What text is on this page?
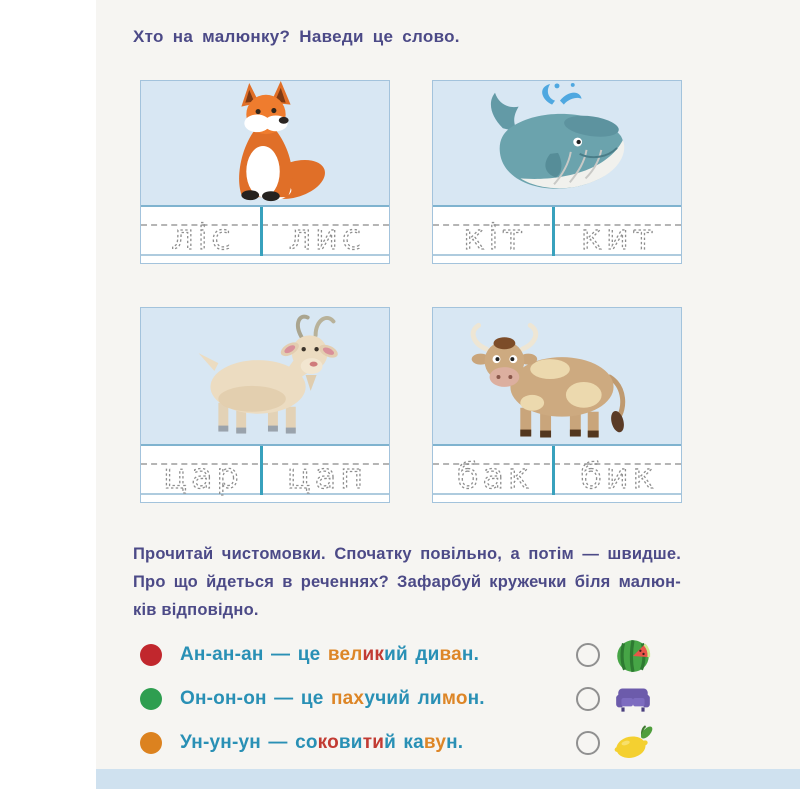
Хто на малюнку? Наведи це слово.
ліс лис	кіт кит
цар цап	бак бик
Прочитай чистомовки. Спочатку повільно, а потім — швидше.
Про що йдеться в реченнях? Зафарбуй кружечки біля малюн-
ків відповідно.
Ан-ан-ан — це великий диван.
Он-он-он — це пахучий лимон.
Ун-ун-ун — соковитий кавун.
